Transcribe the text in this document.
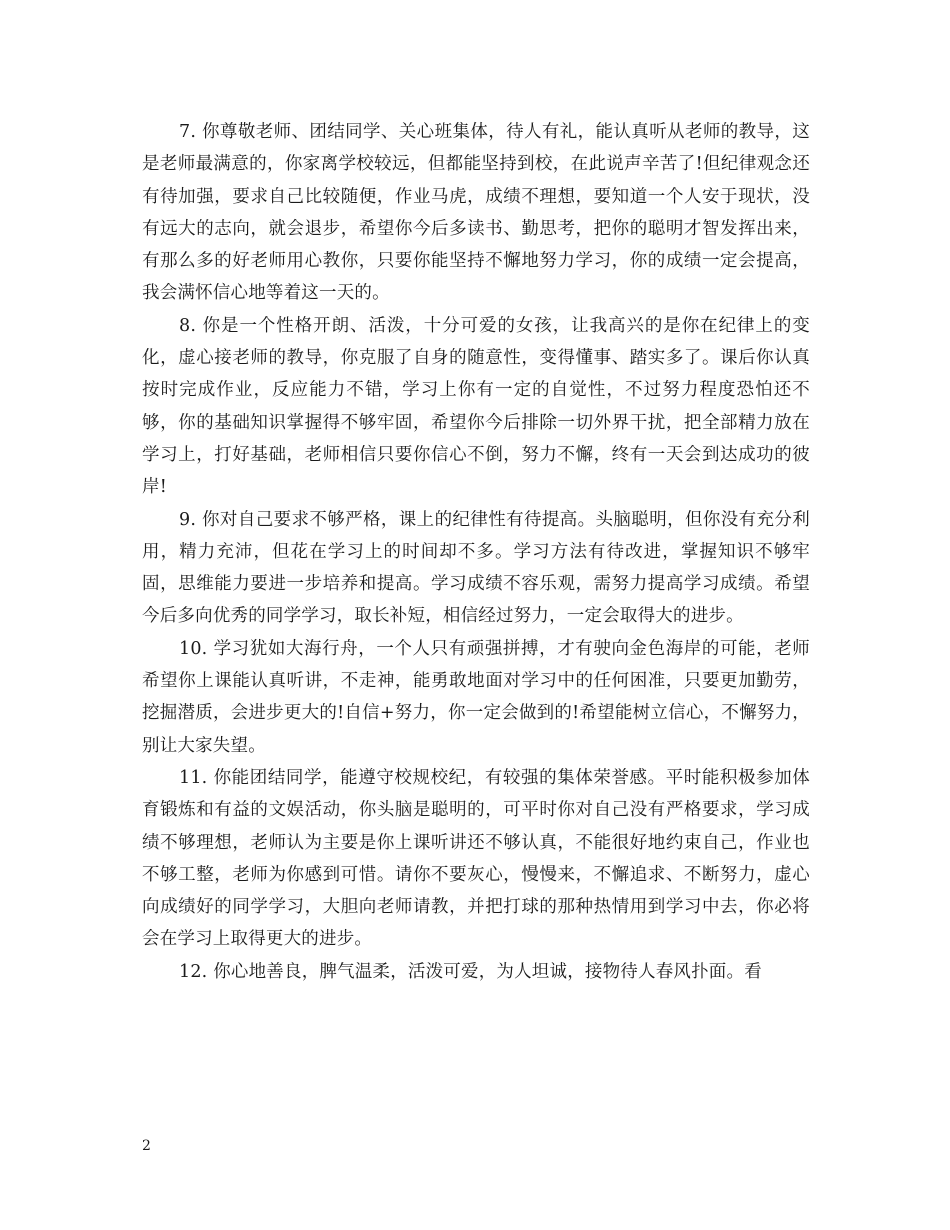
7. 你尊敬老师、团结同学、关心班集体，待人有礼，能认真听从老师的教导，这是老师最满意的，你家离学校较远，但都能坚持到校，在此说声辛苦了!但纪律观念还有待加强，要求自己比较随便，作业马虎，成绩不理想，要知道一个人安于现状，没有远大的志向，就会退步，希望你今后多读书、勤思考，把你的聪明才智发挥出来，有那么多的好老师用心教你，只要你能坚持不懈地努力学习，你的成绩一定会提高，我会满怀信心地等着这一天的。

8. 你是一个性格开朗、活泼，十分可爱的女孩，让我高兴的是你在纪律上的变化，虚心接老师的教导，你克服了自身的随意性，变得懂事、踏实多了。课后你认真按时完成作业，反应能力不错，学习上你有一定的自觉性，不过努力程度恐怕还不够，你的基础知识掌握得不够牢固，希望你今后排除一切外界干扰，把全部精力放在学习上，打好基础，老师相信只要你信心不倒，努力不懈，终有一天会到达成功的彼岸!

9. 你对自己要求不够严格，课上的纪律性有待提高。头脑聪明，但你没有充分利用，精力充沛，但花在学习上的时间却不多。学习方法有待改进，掌握知识不够牢固，思维能力要进一步培养和提高。学习成绩不容乐观，需努力提高学习成绩。希望今后多向优秀的同学学习，取长补短，相信经过努力，一定会取得大的进步。

10. 学习犹如大海行舟，一个人只有顽强拼搏，才有驶向金色海岸的可能，老师希望你上课能认真听讲，不走神，能勇敢地面对学习中的任何困准，只要更加勤劳，挖掘潜质，会进步更大的!自信+努力，你一定会做到的!希望能树立信心，不懈努力，别让大家失望。

11. 你能团结同学，能遵守校规校纪，有较强的集体荣誉感。平时能积极参加体育锻炼和有益的文娱活动，你头脑是聪明的，可平时你对自己没有严格要求，学习成绩不够理想，老师认为主要是你上课听讲还不够认真，不能很好地约束自己，作业也不够工整，老师为你感到可惜。请你不要灰心，慢慢来，不懈追求、不断努力，虚心向成绩好的同学学习，大胆向老师请教，并把打球的那种热情用到学习中去，你必将会在学习上取得更大的进步。

12. 你心地善良，脾气温柔，活泼可爱，为人坦诚，接物待人春风扑面。看

2
